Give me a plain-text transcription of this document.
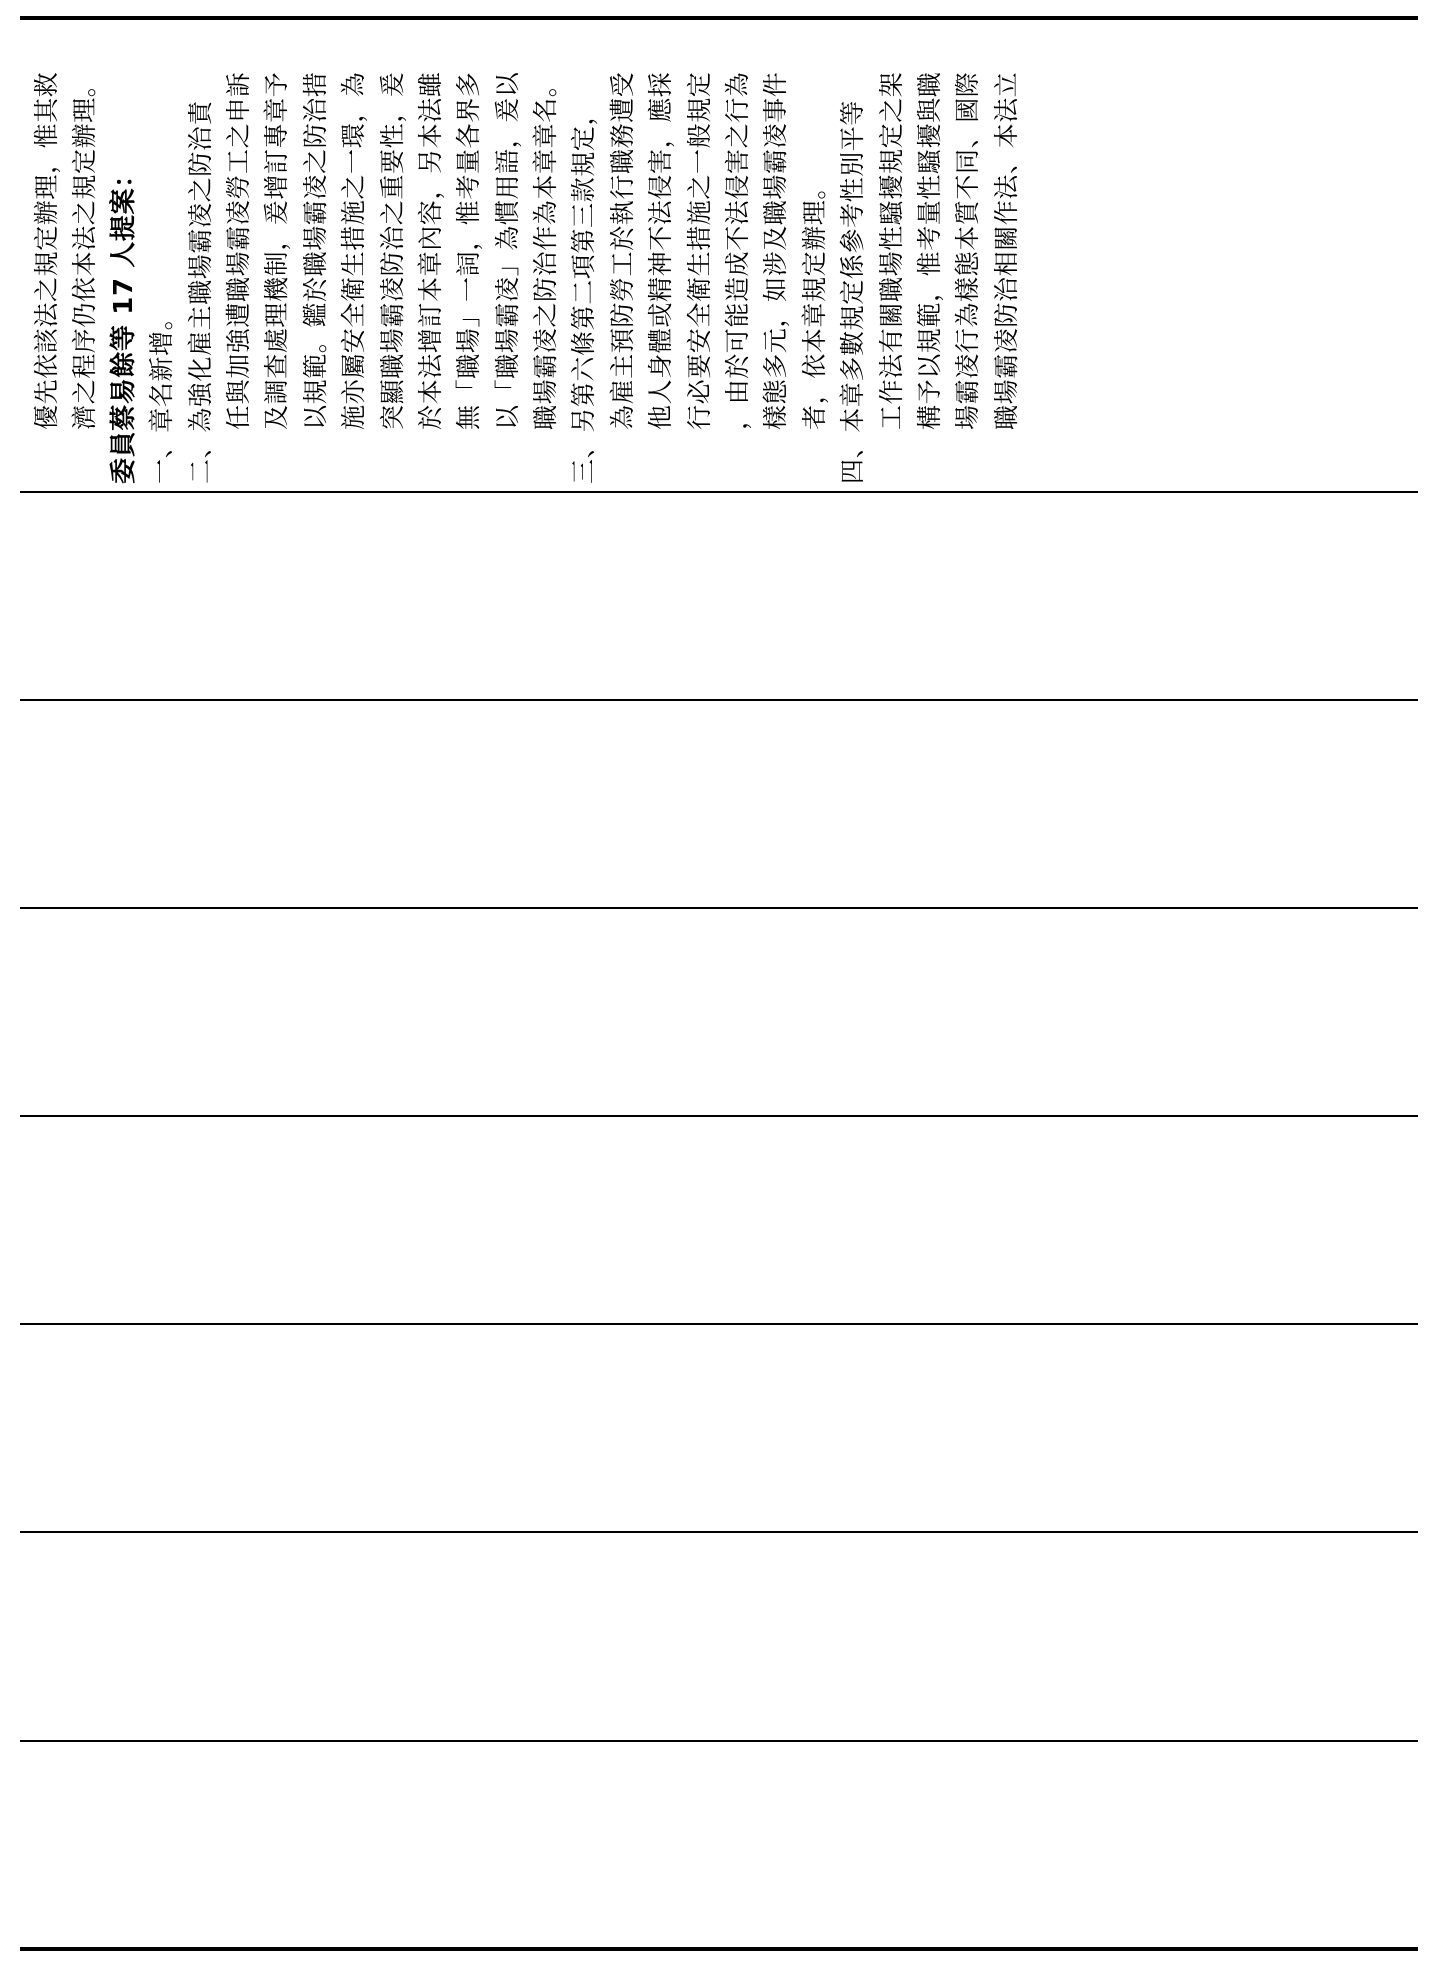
優先依該法之規定辦理，惟其救 濟之程序仍依本法之規定辦理。 委員蔡易餘等 17 人提案： 一、章名新增。 二、為強化雇主職場霸凌之防治責 任與加強遭職場霸凌勞工之申訴 及調查處理機制，爰增訂專章予 以規範。鑑於職場霸凌之防治措 施亦屬安全衛生措施之一環，為 突顯職場霸凌防治之重要性，爰 於本法增訂本章內容，另本法雖 無「職場」一詞，惟考量各界多 以「職場霸凌」為慣用語，爰以 職場霸凌之防治作為本章章名。 三、另第六條第二項第三款規定， 為雇主預防勞工於執行職務遭受 他人身體或精神不法侵害，應採 行必要安全衛生措施之一般規定 ，由於可能造成不法侵害之行為 樣態多元，如涉及職場霸凌事件 者，依本章規定辦理。 四、本章多數規定係參考性別平等 工作法有關職場性騷擾規定之架 構予以規範，惟考量性騷擾與職 場霸凌行為樣態本質不同、國際 職場霸凌防治相關作法、本法立
